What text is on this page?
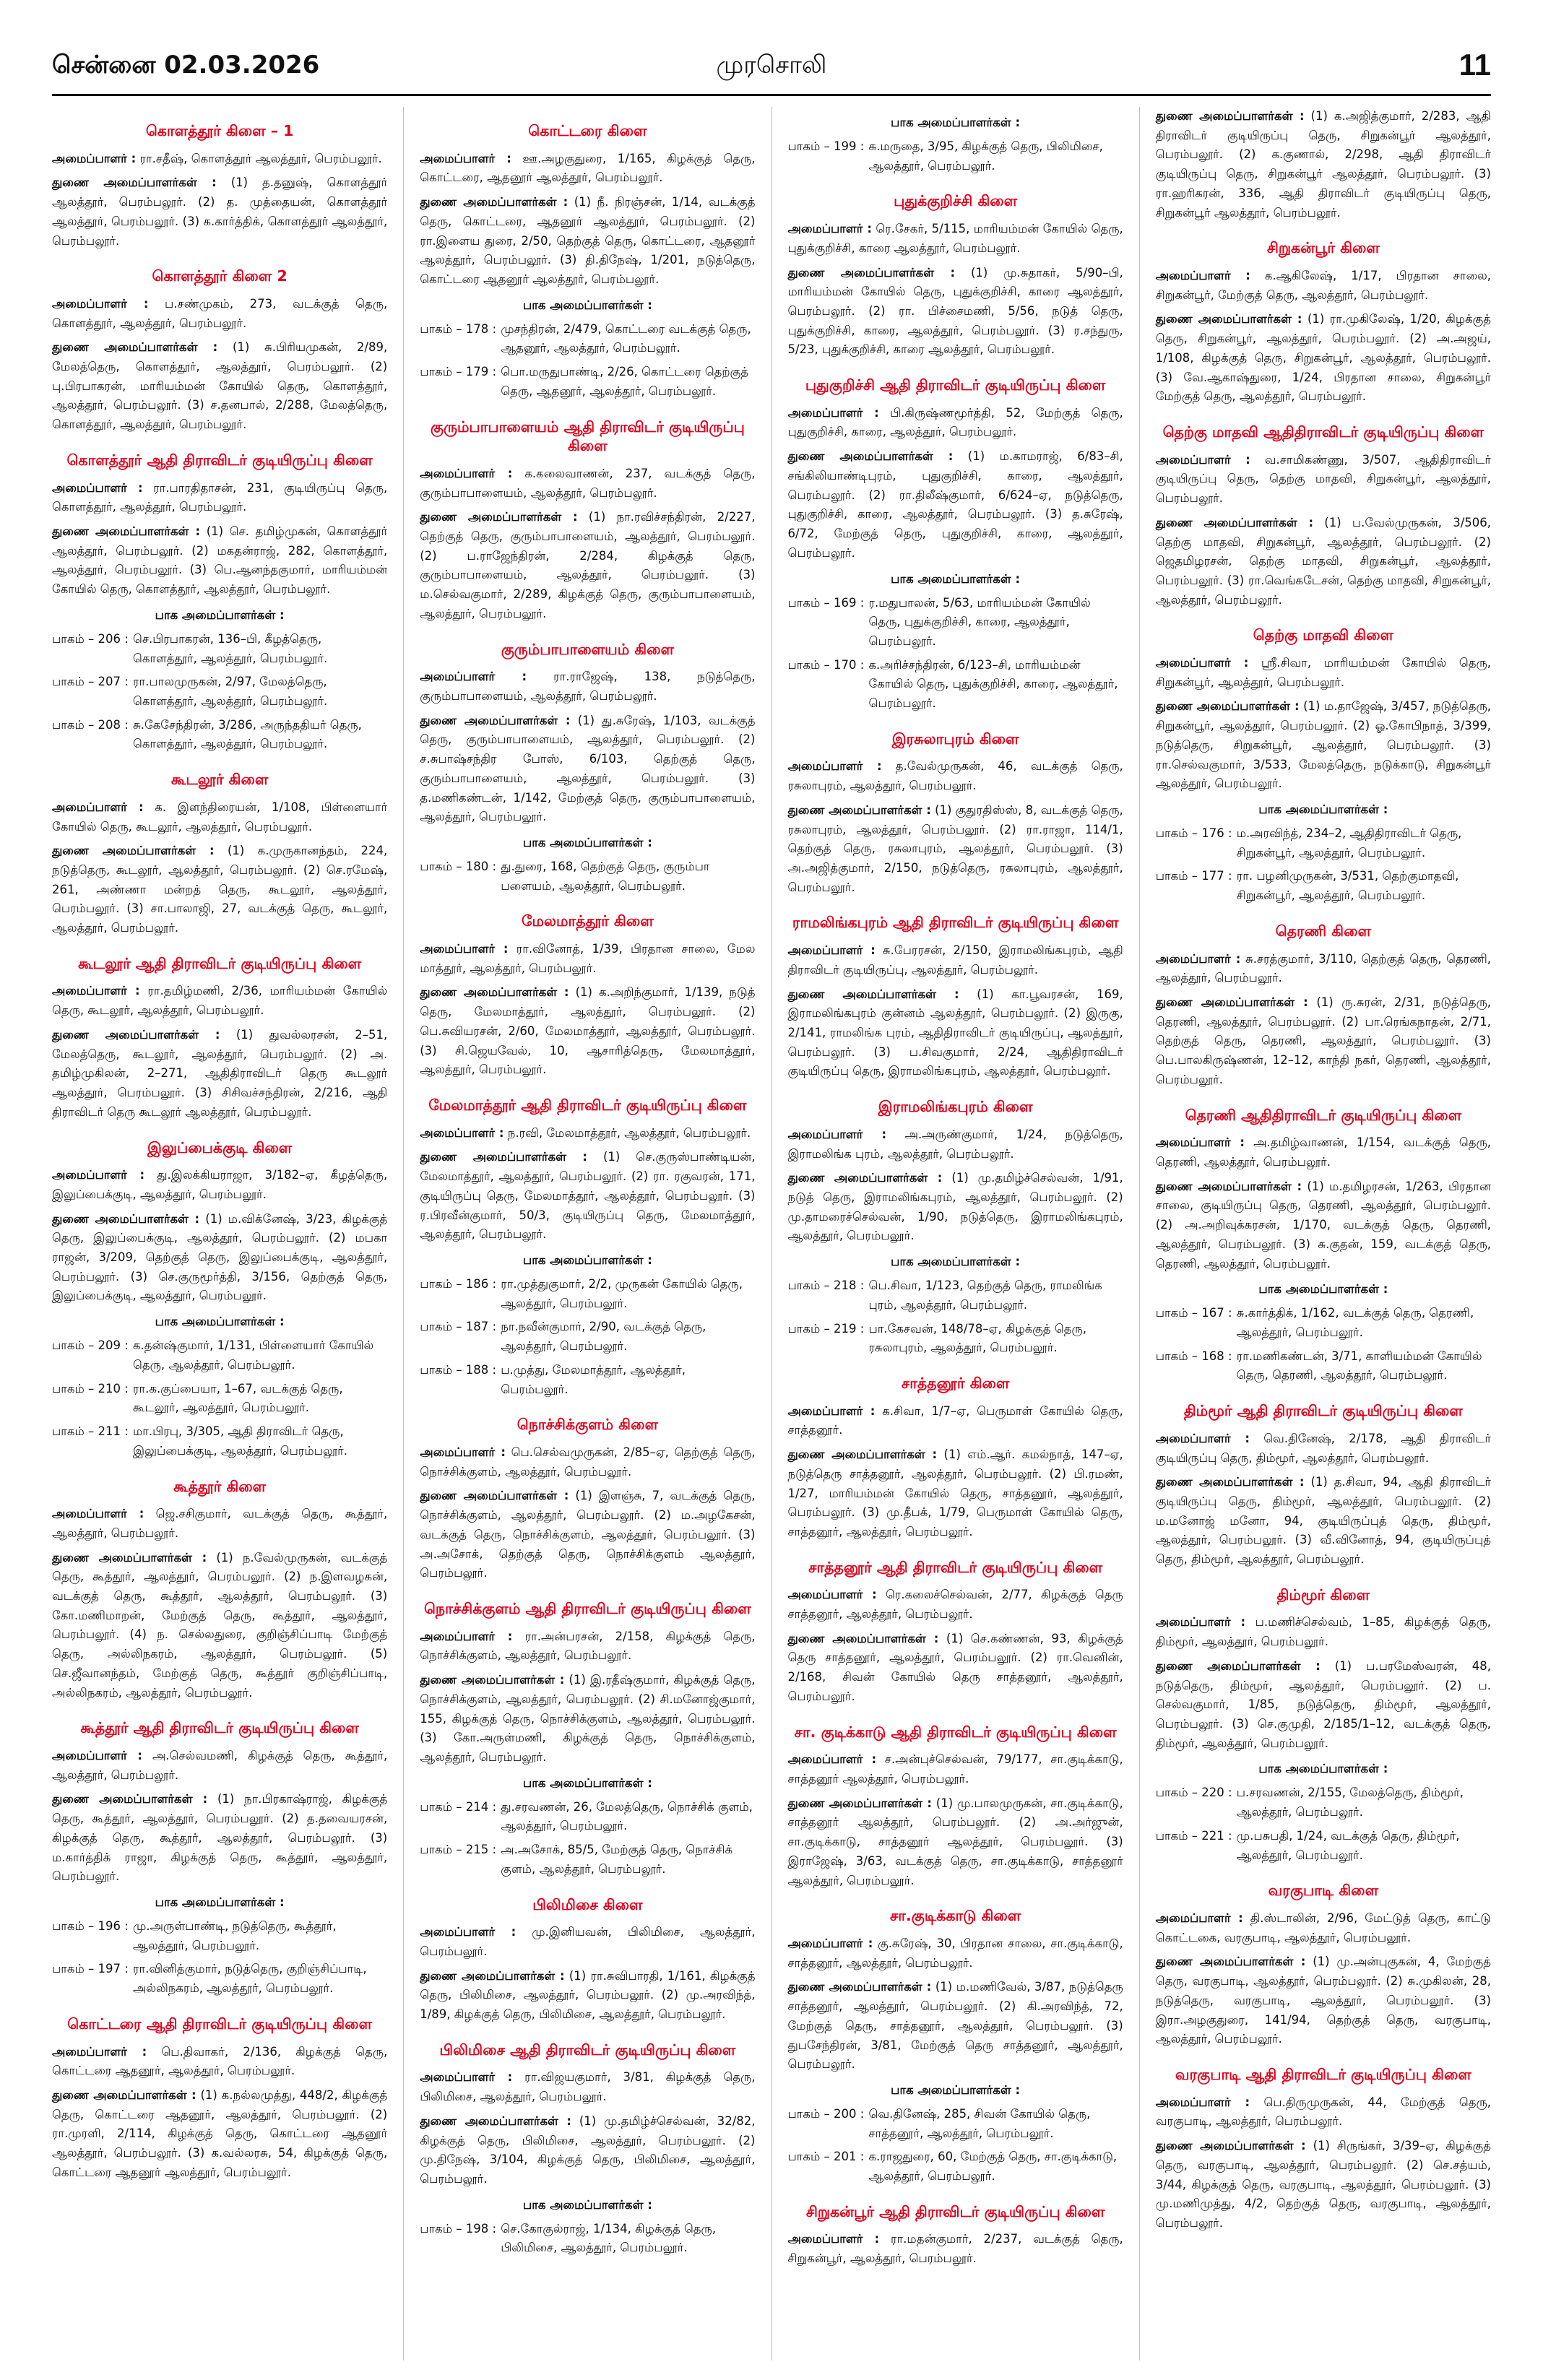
சென்னை 02.03.2026	முரசொலி	11
கொளத்தூர் கிளை – 1
அமைப்பாளர் : ரா.சதீஷ், கொளத்தூர் ஆலத்தூர், பெரம்பலூர்.
துணை அமைப்பாளர்கள் : (1) த.தனுஷ், கொளத்தூர் ஆலத்தூர், பெரம்பலூர். (2) த. முத்தையன், கொளத்தூர் ஆலத்தூர், பெரம்பலூர். (3) க.கார்த்திக், கொளத்தூர் ஆலத்தூர், பெரம்பலூர்.
கொளத்தூர் கிளை 2
அமைப்பாளர் : ப.சண்முகம், 273, வடக்குத் தெரு, கொளத்தூர், ஆலத்தூர், பெரம்பலூர்.
துணை அமைப்பாளர்கள் : (1) சு.பிரியமுகன், 2/89, மேலத்தெரு, கொளத்தூர், ஆலத்தூர், பெரம்பலூர். (2) பு.பிரபாகரன், மாரியம்மன் கோயில் தெரு, கொளத்தூர், ஆலத்தூர், பெரம்பலூர். (3) ச.தனபால், 2/288, மேலத்தெரு, கொளத்தூர், ஆலத்தூர், பெரம்பலூர்.
கொளத்தூர் ஆதி திராவிடர் குடியிருப்பு கிளை
அமைப்பாளர் : ரா.பாரதிதாசன், 231, குடியிருப்பு தெரு, கொளத்தூர், ஆலத்தூர், பெரம்பலூர்.
துணை அமைப்பாளர்கள் : (1) செ. தமிழ்முகன், கொளத்தூர் ஆலத்தூர், பெரம்பலூர். (2) மகதன்ராஜ், 282, கொளத்தூர், ஆலத்தூர், பெரம்பலூர். (3) பெ.ஆனந்தகுமார், மாரியம்மன் கோயில் தெரு, கொளத்தூர், ஆலத்தூர், பெரம்பலூர்.
பாக அமைப்பாளர்கள் :
பாகம் – 206 : செ.பிரபாகரன், 136–பி, கீழத்தெரு, கொளத்தூர், ஆலத்தூர், பெரம்பலூர்.
பாகம் – 207 : ரா.பாலமுருகன், 2/97, மேலத்தெரு, கொளத்தூர், ஆலத்தூர், பெரம்பலூர்.
பாகம் – 208 : சு.கேசேந்திரன், 3/286, அருந்ததியர் தெரு, கொளத்தூர், ஆலத்தூர், பெரம்பலூர்.
கூடலூர் கிளை
அமைப்பாளர் : க. இளந்திரையன், 1/108, பிள்ளையார் கோயில் தெரு, கூடலூர், ஆலத்தூர், பெரம்பலூர்.
துணை அமைப்பாளர்கள் : (1) க.முருகானந்தம், 224, நடுத்தெரு, கூடலூர், ஆலத்தூர், பெரம்பலூர். (2) செ.ரமேஷ், 261, அண்ணா மன்றத் தெரு, கூடலூர், ஆலத்தூர், பெரம்பலூர். (3) சா.பாலாஜி, 27, வடக்குத் தெரு, கூடலூர், ஆலத்தூர், பெரம்பலூர்.
கூடலூர் ஆதி திராவிடர் குடியிருப்பு கிளை
அமைப்பாளர் : ரா.தமிழ்மணி, 2/36, மாரியம்மன் கோயில் தெரு, கூடலூர், ஆலத்தூர், பெரம்பலூர்.
துணை அமைப்பாளர்கள் : (1) துவல்லரசன், 2–51, மேலத்தெரு, கூடலூர், ஆலத்தூர், பெரம்பலூர். (2) அ. தமிழ்முகிலன், 2–271, ஆதிதிராவிடர் தெரு கூடலூர் ஆலத்தூர், பெரம்பலூர். (3) சிசிவச்சந்திரன், 2/216, ஆதி திராவிடர் தெரு கூடலூர் ஆலத்தூர், பெரம்பலூர்.
இலுப்பைக்குடி கிளை
அமைப்பாளர் : து.இலக்கியராஜா, 3/182–ஏ, கீழத்தெரு, இலுப்பைக்குடி, ஆலத்தூர், பெரம்பலூர்.
துணை அமைப்பாளர்கள் : (1) ம.விக்னேஷ், 3/23, கிழக்குத் தெரு, இலுப்பைக்குடி, ஆலத்தூர், பெரம்பலூர். (2) மபகா ராஜன், 3/209, தெற்குத் தெரு, இலுப்பைக்குடி, ஆலத்தூர், பெரம்பலூர். (3) செ.குருமூர்த்தி, 3/156, தெற்குத் தெரு, இலுப்பைக்குடி, ஆலத்தூர், பெரம்பலூர்.
பாக அமைப்பாளர்கள் :
பாகம் – 209 : க.தன்ஷ்குமார், 1/131, பிள்ளையார் கோயில் தெரு, ஆலத்தூர், பெரம்பலூர்.
பாகம் – 210 : ரா.க.குப்பையா, 1–67, வடக்குத் தெரு, கூடலூர், ஆலத்தூர், பெரம்பலூர்.
பாகம் – 211 : மா.பிரபு, 3/305, ஆதி திராவிடர் தெரு, இலுப்பைக்குடி, ஆலத்தூர், பெரம்பலூர்.
கூத்தூர் கிளை
அமைப்பாளர் : ஜெ.சசிகுமார், வடக்குத் தெரு, கூத்தூர், ஆலத்தூர், பெரம்பலூர்.
துணை அமைப்பாளர்கள் : (1) ந.வேல்முருகன், வடக்குத் தெரு, கூத்தூர், ஆலத்தூர், பெரம்பலூர். (2) ந.இளவழகன், வடக்குத் தெரு, கூத்தூர், ஆலத்தூர், பெரம்பலூர். (3) கோ.மணிமாறன், மேற்குத் தெரு, கூத்தூர், ஆலத்தூர், பெரம்பலூர். (4) ந. செல்லதுரை, குறிஞ்சிப்பாடி மேற்குத் தெரு, அல்லிநகரம், ஆலத்தூர், பெரம்பலூர். (5) செ.ஜீவானந்தம், மேற்குத் தெரு, கூத்தூர் குறிஞ்சிப்பாடி, அல்லிநகரம், ஆலத்தூர், பெரம்பலூர்.
கூத்தூர் ஆதி திராவிடர் குடியிருப்பு கிளை
அமைப்பாளர் : அ.செல்வமணி, கிழக்குத் தெரு, கூத்தூர், ஆலத்தூர், பெரம்பலூர்.
துணை அமைப்பாளர்கள் : (1) நா.பிரகாஷ்ராஜ், கிழக்குத் தெரு, கூத்தூர், ஆலத்தூர், பெரம்பலூர். (2) த.தவையரசன், கிழக்குத் தெரு, கூத்தூர், ஆலத்தூர், பெரம்பலூர். (3) ம.கார்த்திக் ராஜா, கிழக்குத் தெரு, கூத்தூர், ஆலத்தூர், பெரம்பலூர்.
பாக அமைப்பாளர்கள் :
பாகம் – 196 : மு.அருள்பாண்டி, நடுத்தெரு, கூத்தூர், ஆலத்தூர், பெரம்பலூர்.
பாகம் – 197 : ரா.வினித்குமார், நடுத்தெரு, குறிஞ்சிப்பாடி, அல்லிநகரம், ஆலத்தூர், பெரம்பலூர்.
கொட்டரை ஆதி திராவிடர் குடியிருப்பு கிளை
அமைப்பாளர் : பெ.திவாகர், 2/136, கிழக்குத் தெரு, கொட்டரை ஆதனூர், ஆலத்தூர், பெரம்பலூர்.
துணை அமைப்பாளர்கள் : (1) க.நல்லமுத்து, 448/2, கிழக்குத் தெரு, கொட்டரை ஆதனூர், ஆலத்தூர், பெரம்பலூர். (2) ரா.முரளி, 2/114, கிழக்குத் தெரு, கொட்டரை ஆதனூர் ஆலத்தூர், பெரம்பலூர். (3) க.வல்லரசு, 54, கிழக்குத் தெரு, கொட்டரை ஆதனூர் ஆலத்தூர், பெரம்பலூர்.
கொட்டரை கிளை
அமைப்பாளர் : ஊ.அழகுதுரை, 1/165, கிழக்குத் தெரு, கொட்டரை, ஆதனூர் ஆலத்தூர், பெரம்பலூர்.
துணை அமைப்பாளர்கள் : (1) நீ. நிரஞ்சன், 1/14, வடக்குத் தெரு, கொட்டரை, ஆதனூர் ஆலத்தூர், பெரம்பலூர். (2) ரா.இளைய துரை, 2/50, தெற்குத் தெரு, கொட்டரை, ஆதனூர் ஆலத்தூர், பெரம்பலூர். (3) தி.திநேஷ், 1/201, நடுத்தெரு, கொட்டரை ஆதனூர் ஆலத்தூர், பெரம்பலூர்.
பாக அமைப்பாளர்கள் :
பாகம் – 178 : முசந்திரன், 2/479, கொட்டரை வடக்குத் தெரு, ஆதனூர், ஆலத்தூர், பெரம்பலூர்.
பாகம் – 179 : பொ.மருதுபாண்டி, 2/26, கொட்டரை தெற்குத் தெரு, ஆதனூர், ஆலத்தூர், பெரம்பலூர்.
குரும்பாபாளையம் ஆதி திராவிடர் குடியிருப்பு கிளை
அமைப்பாளர் : க.கலைவாணன், 237, வடக்குத் தெரு, குரும்பாபாளையம், ஆலத்தூர், பெரம்பலூர்.
துணை அமைப்பாளர்கள் : (1) நா.ரவிச்சந்திரன், 2/227, தெற்குத் தெரு, குரும்பாபாளையம், ஆலத்தூர், பெரம்பலூர். (2) ப.ராஜேந்திரன், 2/284, கிழக்குத் தெரு, குரும்பாபாளையம், ஆலத்தூர், பெரம்பலூர். (3) ம.செல்வகுமார், 2/289, கிழக்குத் தெரு, குரும்பாபாளையம், ஆலத்தூர், பெரம்பலூர்.
குரும்பாபாளையம் கிளை
அமைப்பாளர் : ரா.ராஜேஷ், 138, நடுத்தெரு, குரும்பாபாளையம், ஆலத்தூர், பெரம்பலூர்.
துணை அமைப்பாளர்கள் : (1) து.சுரேஷ், 1/103, வடக்குத் தெரு, குரும்பாபாளையம், ஆலத்தூர், பெரம்பலூர். (2) ச.சுபாஷ்சந்திர போஸ், 6/103, தெற்குத் தெரு, குரும்பாபாளையம், ஆலத்தூர், பெரம்பலூர். (3) த.மணிகண்டன், 1/142, மேற்குத் தெரு, குரும்பாபாளையம், ஆலத்தூர், பெரம்பலூர்.
பாக அமைப்பாளர்கள் :
பாகம் – 180 : து.துரை, 168, தெற்குத் தெரு, குரும்பா பளையம், ஆலத்தூர், பெரம்பலூர்.
மேலமாத்தூர் கிளை
அமைப்பாளர் : ரா.வினோத், 1/39, பிரதான சாலை, மேல மாத்தூர், ஆலத்தூர், பெரம்பலூர்.
துணை அமைப்பாளர்கள் : (1) க.அறிந்குமார், 1/139, நடுத் தெரு, மேலமாத்தூர், ஆலத்தூர், பெரம்பலூர். (2) பெ.சுவியரசன், 2/60, மேலமாத்தூர், ஆலத்தூர், பெரம்பலூர். (3) சி.ஜெயவேல், 10, ஆசாரித்தெரு, மேலமாத்தூர், ஆலத்தூர், பெரம்பலூர்.
மேலமாத்தூர் ஆதி திராவிடர் குடியிருப்பு கிளை
அமைப்பாளர் : ந.ரவி, மேலமாத்தூர், ஆலத்தூர், பெரம்பலூர்.
துணை அமைப்பாளர்கள் : (1) செ.குருஸ்பாண்டியன், மேலமாத்தூர், ஆலத்தூர், பெரம்பலூர். (2) ரா. ரகுவரன், 171, குடியிருப்பு தெரு, மேலமாத்தூர், ஆலத்தூர், பெரம்பலூர். (3) ர.பிரவீன்குமார், 50/3, குடியிருப்பு தெரு, மேலமாத்தூர், ஆலத்தூர், பெரம்பலூர்.
பாக அமைப்பாளர்கள் :
பாகம் – 186 : ரா.முத்துகுமார், 2/2, முருகன் கோயில் தெரு, ஆலத்தூர், பெரம்பலூர்.
பாகம் – 187 : நா.நவீன்குமார், 2/90, வடக்குத் தெரு, ஆலத்தூர், பெரம்பலூர்.
பாகம் – 188 : ப.முத்து, மேலமாத்தூர், ஆலத்தூர், பெரம்பலூர்.
நொச்சிக்குளம் கிளை
அமைப்பாளர் : பெ.செல்வமுருகன், 2/85–ஏ, தெற்குத் தெரு, நொச்சிக்குளம், ஆலத்தூர், பெரம்பலூர்.
துணை அமைப்பாளர்கள் : (1) இளஞ்சு, 7, வடக்குத் தெரு, நொச்சிக்குளம், ஆலத்தூர், பெரம்பலூர். (2) ம.அழகேசன், வடக்குத் தெரு, நொச்சிக்குளம், ஆலத்தூர், பெரம்பலூர். (3) அ.அசோக், தெற்குத் தெரு, நொச்சிக்குளம் ஆலத்தூர், பெரம்பலூர்.
நொச்சிக்குளம் ஆதி திராவிடர் குடியிருப்பு கிளை
அமைப்பாளர் : ரா.அன்பரசன், 2/158, கிழக்குத் தெரு, நொச்சிக்குளம், ஆலத்தூர், பெரம்பலூர்.
துணை அமைப்பாளர்கள் : (1) இ.ரதீஷ்குமார், கிழக்குத் தெரு, நொச்சிக்குளம், ஆலத்தூர், பெரம்பலூர். (2) சி.மனோஜ்குமார், 155, கிழக்குத் தெரு, நொச்சிக்குளம், ஆலத்தூர், பெரம்பலூர். (3) கோ.அருள்மணி, கிழக்குத் தெரு, நொச்சிக்குளம், ஆலத்தூர், பெரம்பலூர்.
பாக அமைப்பாளர்கள் :
பாகம் – 214 : து.சரவணன், 26, மேலத்தெரு, நொச்சிக் குளம், ஆலத்தூர், பெரம்பலூர்.
பாகம் – 215 : அ.அசோக், 85/5, மேற்குத் தெரு, நொச்சிக் குளம், ஆலத்தூர், பெரம்பலூர்.
பிலிமிசை கிளை
அமைப்பாளர் : மு.இனியவன், பிலிமிசை, ஆலத்தூர், பெரம்பலூர்.
துணை அமைப்பாளர்கள் : (1) ரா.சுவிபாரதி, 1/161, கிழக்குத் தெரு, பிலிமிசை, ஆலத்தூர், பெரம்பலூர். (2) மு.அரவிந்த், 1/89, கிழக்குத் தெரு, பிலிமிசை, ஆலத்தூர், பெரம்பலூர்.
பிலிமிசை ஆதி திராவிடர் குடியிருப்பு கிளை
அமைப்பாளர் : ரா.விஜயகுமார், 3/81, கிழக்குத் தெரு, பிலிமிசை, ஆலத்தூர், பெரம்பலூர்.
துணை அமைப்பாளர்கள் : (1) மு.தமிழ்ச்செல்வன், 32/82, கிழக்குத் தெரு, பிலிமிசை, ஆலத்தூர், பெரம்பலூர். (2) மு.திநேஷ், 3/104, கிழக்குத் தெரு, பிலிமிசை, ஆலத்தூர், பெரம்பலூர்.
பாக அமைப்பாளர்கள் :
பாகம் – 198 : செ.கோகுல்ராஜ், 1/134, கிழக்குத் தெரு, பிலிமிசை, ஆலத்தூர், பெரம்பலூர்.
பாக அமைப்பாளர்கள் :
பாகம் – 199 : சு.மருதை, 3/95, கிழக்குத் தெரு, பிலிமிசை, ஆலத்தூர், பெரம்பலூர்.
புதுக்குறிச்சி கிளை
அமைப்பாளர் : ரெ.சேகர், 5/115, மாரியம்மன் கோயில் தெரு, புதுக்குறிச்சி, காரை ஆலத்தூர், பெரம்பலூர்.
துணை அமைப்பாளர்கள் : (1) மு.சுதாகர், 5/90–பி, மாரியம்மன் கோயில் தெரு, புதுக்குறிச்சி, காரை ஆலத்தூர், பெரம்பலூர். (2) ரா. பிச்சைமணி, 5/56, நடுத் தெரு, புதுக்குறிச்சி, காரை, ஆலத்தூர், பெரம்பலூர். (3) ர.சந்துரு, 5/23, புதுக்குறிச்சி, காரை ஆலத்தூர், பெரம்பலூர்.
புதுகுறிச்சி ஆதி திராவிடர் குடியிருப்பு கிளை
அமைப்பாளர் : பி.கிருஷ்ணமூர்த்தி, 52, மேற்குத் தெரு, புதுகுறிச்சி, காரை, ஆலத்தூர், பெரம்பலூர்.
துணை அமைப்பாளர்கள் : (1) ம.காமராஜ், 6/83–சி, சங்கிலியாண்டிபுரம், புதுகுறிச்சி, காரை, ஆலத்தூர், பெரம்பலூர். (2) ரா.திலீஷ்குமார், 6/624–ஏ, நடுத்தெரு, புதுகுறிச்சி, காரை, ஆலத்தூர், பெரம்பலூர். (3) த.சுரேஷ், 6/72, மேற்குத் தெரு, புதுகுறிச்சி, காரை, ஆலத்தூர், பெரம்பலூர்.
பாக அமைப்பாளர்கள் :
பாகம் – 169 : ர.மதுபாலன், 5/63, மாரியம்மன் கோயில் தெரு, புதுக்குறிச்சி, காரை, ஆலத்தூர், பெரம்பலூர்.
பாகம் – 170 : க.அரிச்சந்திரன், 6/123–சி, மாரியம்மன் கோயில் தெரு, புதுக்குறிச்சி, காரை, ஆலத்தூர், பெரம்பலூர்.
இரசுலாபுரம் கிளை
அமைப்பாளர் : த.வேல்முருகன், 46, வடக்குத் தெரு, ரசுலாபுரம், ஆலத்தூர், பெரம்பலூர்.
துணை அமைப்பாளர்கள் : (1) குதுரதிஸ்ஸ், 8, வடக்குத் தெரு, ரசுலாபுரம், ஆலத்தூர், பெரம்பலூர். (2) ரா.ராஜா, 114/1, தெற்குத் தெரு, ரசுலாபுரம், ஆலத்தூர், பெரம்பலூர். (3) அ.அஜித்குமார், 2/150, நடுத்தெரு, ரசுலாபுரம், ஆலத்தூர், பெரம்பலூர்.
ராமலிங்கபுரம் ஆதி திராவிடர் குடியிருப்பு கிளை
அமைப்பாளர் : சு.பேரரசன், 2/150, இராமலிங்கபுரம், ஆதி திராவிடர் குடியிருப்பு, ஆலத்தூர், பெரம்பலூர்.
துணை அமைப்பாளர்கள் : (1) கா.பூவரசன், 169, இராமலிங்கபுரம் குன்னம் ஆலத்தூர், பெரம்பலூர். (2) இருகு, 2/141, ராமலிங்க புரம், ஆதிதிராவிடர் குடியிருப்பு, ஆலத்தூர், பெரம்பலூர். (3) ப.சிவகுமார், 2/24, ஆதிதிராவிடர் குடியிருப்பு தெரு, இராமலிங்கபுரம், ஆலத்தூர், பெரம்பலூர்.
இராமலிங்கபுரம் கிளை
அமைப்பாளர் : அ.அருண்குமார், 1/24, நடுத்தெரு, இராமலிங்க புரம், ஆலத்தூர், பெரம்பலூர்.
துணை அமைப்பாளர்கள் : (1) மு.தமிழ்ச்செல்வன், 1/91, நடுத் தெரு, இராமலிங்கபுரம், ஆலத்தூர், பெரம்பலூர். (2) மு.தாமரைச்செல்வன், 1/90, நடுத்தெரு, இராமலிங்கபுரம், ஆலத்தூர், பெரம்பலூர்.
பாக அமைப்பாளர்கள் :
பாகம் – 218 : பெ.சிவா, 1/123, தெற்குத் தெரு, ராமலிங்க புரம், ஆலத்தூர், பெரம்பலூர்.
பாகம் – 219 : பா.கேசவன், 148/78–ஏ, கிழக்குத் தெரு, ரசுலாபுரம், ஆலத்தூர், பெரம்பலூர்.
சாத்தனூர் கிளை
அமைப்பாளர் : க.சிவா, 1/7–ஏ, பெருமாள் கோயில் தெரு, சாத்தனூர்.
துணை அமைப்பாளர்கள் : (1) எம்.ஆர். கமல்நாத், 147–ஏ, நடுத்தெரு சாத்தனூர், ஆலத்தூர், பெரம்பலூர். (2) பி.ரமண், 1/27, மாரியம்மன் கோயில் தெரு, சாத்தனூர், ஆலத்தூர், பெரம்பலூர். (3) மு.தீபக், 1/79, பெருமாள் கோயில் தெரு, சாத்தனூர், ஆலத்தூர், பெரம்பலூர்.
சாத்தனூர் ஆதி திராவிடர் குடியிருப்பு கிளை
அமைப்பாளர் : ரெ.கலைச்செல்வன், 2/77, கிழக்குத் தெரு சாத்தனூர், ஆலத்தூர், பெரம்பலூர்.
துணை அமைப்பாளர்கள் : (1) செ.கண்ணன், 93, கிழக்குத் தெரு சாத்தனூர், ஆலத்தூர், பெரம்பலூர். (2) ரா.வெனின், 2/168, சிவன் கோயில் தெரு சாத்தனூர், ஆலத்தூர், பெரம்பலூர்.
சா. குடிக்காடு ஆதி திராவிடர் குடியிருப்பு கிளை
அமைப்பாளர் : ச.அன்புச்செல்வன், 79/177, சா.குடிக்காடு, சாத்தனூர் ஆலத்தூர், பெரம்பலூர்.
துணை அமைப்பாளர்கள் : (1) மு.பாலமுருகன், சா.குடிக்காடு, சாத்தனூர் ஆலத்தூர், பெரம்பலூர். (2) அ.அர்ஜுன், சா.குடிக்காடு, சாத்தனூர் ஆலத்தூர், பெரம்பலூர். (3) இராஜேஷ், 3/63, வடக்குத் தெரு, சா.குடிக்காடு, சாத்தனூர் ஆலத்தூர், பெரம்பலூர்.
சா.குடிக்காடு கிளை
அமைப்பாளர் : கு.சுரேஷ், 30, பிரதான சாலை, சா.குடிக்காடு, சாத்தனூர், ஆலத்தூர், பெரம்பலூர்.
துணை அமைப்பாளர்கள் : (1) ம.மணிவேல், 3/87, நடுத்தெரு சாத்தனூர், ஆலத்தூர், பெரம்பலூர். (2) கி.அரவிந்த், 72, மேற்குத் தெரு, சாத்தனூர், ஆலத்தூர், பெரம்பலூர். (3) துபசேந்திரன், 3/81, மேற்குத் தெரு சாத்தனூர், ஆலத்தூர், பெரம்பலூர்.
பாக அமைப்பாளர்கள் :
பாகம் – 200 : வெ.தினேஷ், 285, சிவன் கோயில் தெரு, சாத்தனூர், ஆலத்தூர், பெரம்பலூர்.
பாகம் – 201 : க.ராஜதுரை, 60, மேற்குத் தெரு, சா.குடிக்காடு, ஆலத்தூர், பெரம்பலூர்.
சிறுகன்பூர் ஆதி திராவிடர் குடியிருப்பு கிளை
அமைப்பாளர் : ரா.மதன்குமார், 2/237, வடக்குத் தெரு, சிறுகன்பூர், ஆலத்தூர், பெரம்பலூர்.
துணை அமைப்பாளர்கள் : (1) க.அஜித்குமார், 2/283, ஆதி திராவிடர் குடியிருப்பு தெரு, சிறுகன்பூர் ஆலத்தூர், பெரம்பலூர். (2) க.குணால், 2/298, ஆதி திராவிடர் குடியிருப்பு தெரு, சிறுகன்பூர் ஆலத்தூர், பெரம்பலூர். (3) ரா.ஹரிகரன், 336, ஆதி திராவிடர் குடியிருப்பு தெரு, சிறுகன்பூர் ஆலத்தூர், பெரம்பலூர்.
சிறுகன்பூர் கிளை
அமைப்பாளர் : க.ஆகிலேஷ், 1/17, பிரதான சாலை, சிறுகன்பூர், மேற்குத் தெரு, ஆலத்தூர், பெரம்பலூர்.
துணை அமைப்பாளர்கள் : (1) ரா.முகிலேஷ், 1/20, கிழக்குத் தெரு, சிறுகன்பூர், ஆலத்தூர், பெரம்பலூர். (2) அ.அஜய், 1/108, கிழக்குத் தெரு, சிறுகன்பூர், ஆலத்தூர், பெரம்பலூர். (3) வே.ஆகாஷ்துரை, 1/24, பிரதான சாலை, சிறுகன்பூர் மேற்குத் தெரு, ஆலத்தூர், பெரம்பலூர்.
தெற்கு மாதவி ஆதிதிராவிடர் குடியிருப்பு கிளை
அமைப்பாளர் : வ.சாமிகண்ணு, 3/507, ஆதிதிராவிடர் குடியிருப்பு தெரு, தெற்கு மாதவி, சிறுகன்பூர், ஆலத்தூர், பெரம்பலூர்.
துணை அமைப்பாளர்கள் : (1) ப.வேல்முருகன், 3/506, தெற்கு மாதவி, சிறுகன்பூர், ஆலத்தூர், பெரம்பலூர். (2) ஜெதமிழரசன், தெற்கு மாதவி, சிறுகன்பூர், ஆலத்தூர், பெரம்பலூர். (3) ரா.வெங்கடேசன், தெற்கு மாதவி, சிறுகன்பூர், ஆலத்தூர், பெரம்பலூர்.
தெற்கு மாதவி கிளை
அமைப்பாளர் : ஸ்ரீ.சிவா, மாரியம்மன் கோயில் தெரு, சிறுகன்பூர், ஆலத்தூர், பெரம்பலூர்.
துணை அமைப்பாளர்கள் : (1) ம.தாஜேஷ், 3/457, நடுத்தெரு, சிறுகன்பூர், ஆலத்தூர், பெரம்பலூர். (2) ஓ.கோபிநாத், 3/399, நடுத்தெரு, சிறுகன்பூர், ஆலத்தூர், பெரம்பலூர். (3) ரா.செல்வகுமார், 3/533, மேலத்தெரு, நடுக்காடு, சிறுகன்பூர் ஆலத்தூர், பெரம்பலூர்.
பாக அமைப்பாளர்கள் :
பாகம் – 176 : ம.அரவிந்த், 234–2, ஆதிதிராவிடர் தெரு, சிறுகன்பூர், ஆலத்தூர், பெரம்பலூர்.
பாகம் – 177 : ரா. பழனிமுருகன், 3/531, தெற்குமாதவி, சிறுகன்பூர், ஆலத்தூர், பெரம்பலூர்.
தெரணி கிளை
அமைப்பாளர் : சு.சரத்குமார், 3/110, தெற்குத் தெரு, தெரணி, ஆலத்தூர், பெரம்பலூர்.
துணை அமைப்பாளர்கள் : (1) ரு.சுரன், 2/31, நடுத்தெரு, தெரணி, ஆலத்தூர், பெரம்பலூர். (2) பா.ரெங்கநாதன், 2/71, தெற்குத் தெரு, தெரணி, ஆலத்தூர், பெரம்பலூர். (3) பெ.பாலகிருஷ்ணன், 12–12, காந்தி நகர், தெரணி, ஆலத்தூர், பெரம்பலூர்.
தெரணி ஆதிதிராவிடர் குடியிருப்பு கிளை
அமைப்பாளர் : அ.தமிழ்வாணன், 1/154, வடக்குத் தெரு, தெரணி, ஆலத்தூர், பெரம்பலூர்.
துணை அமைப்பாளர்கள் : (1) ம.தமிழரசன், 1/263, பிரதான சாலை, குடியிருப்பு தெரு, தெரணி, ஆலத்தூர், பெரம்பலூர். (2) அ.அறிவுக்கரசன், 1/170, வடக்குத் தெரு, தெரணி, ஆலத்தூர், பெரம்பலூர். (3) சு.குதன், 159, வடக்குத் தெரு, தெரணி, ஆலத்தூர், பெரம்பலூர்.
பாக அமைப்பாளர்கள் :
பாகம் – 167 : சு.கார்த்திக், 1/162, வடக்குத் தெரு, தெரணி, ஆலத்தூர், பெரம்பலூர்.
பாகம் – 168 : ரா.மணிகண்டன், 3/71, காளியம்மன் கோயில் தெரு, தெரணி, ஆலத்தூர், பெரம்பலூர்.
திம்மூர் ஆதி திராவிடர் குடியிருப்பு கிளை
அமைப்பாளர் : வெ.தினேஷ், 2/178, ஆதி திராவிடர் குடியிருப்பு தெரு, திம்மூர், ஆலத்தூர், பெரம்பலூர்.
துணை அமைப்பாளர்கள் : (1) த.சிவா, 94, ஆதி திராவிடர் குடியிருப்பு தெரு, திம்மூர், ஆலத்தூர், பெரம்பலூர். (2) ம.மனோஜ் மனோ, 94, குடியிருப்புத் தெரு, திம்மூர், ஆலத்தூர், பெரம்பலூர். (3) வீ.வினோத், 94, குடியிருப்புத் தெரு, திம்மூர், ஆலத்தூர், பெரம்பலூர்.
திம்மூர் கிளை
அமைப்பாளர் : ப.மணிச்செல்வம், 1–85, கிழக்குத் தெரு, திம்மூர், ஆலத்தூர், பெரம்பலூர்.
துணை அமைப்பாளர்கள் : (1) ப.பரமேஸ்வரன், 48, நடுத்தெரு, திம்மூர், ஆலத்தூர், பெரம்பலூர். (2) ப. செல்வகுமார், 1/85, நடுத்தெரு, திம்மூர், ஆலத்தூர், பெரம்பலூர். (3) செ.குமுதி, 2/185/1–12, வடக்குத் தெரு, திம்மூர், ஆலத்தூர், பெரம்பலூர்.
பாக அமைப்பாளர்கள் :
பாகம் – 220 : ப.சரவணன், 2/155, மேலத்தெரு, திம்மூர், ஆலத்தூர், பெரம்பலூர்.
பாகம் – 221 : மு.பசுபதி, 1/24, வடக்குத் தெரு, திம்மூர், ஆலத்தூர், பெரம்பலூர்.
வரகுபாடி கிளை
அமைப்பாளர் : தி.ஸ்டாலின், 2/96, மேட்டுத் தெரு, காட்டு கொட்டகை, வரகுபாடி, ஆலத்தூர், பெரம்பலூர்.
துணை அமைப்பாளர்கள் : (1) மு.அன்புகுகன், 4, மேற்குத் தெரு, வரகுபாடி, ஆலத்தூர், பெரம்பலூர். (2) சு.முகிலன், 28, நடுத்தெரு, வரகுபாடி, ஆலத்தூர், பெரம்பலூர். (3) இரா.அழகுதுரை, 141/94, தெற்குத் தெரு, வரகுபாடி, ஆலத்தூர், பெரம்பலூர்.
வரகுபாடி ஆதி திராவிடர் குடியிருப்பு கிளை
அமைப்பாளர் : பெ.திருமுருகன், 44, மேற்குத் தெரு, வரகுபாடி, ஆலத்தூர், பெரம்பலூர்.
துணை அமைப்பாளர்கள் : (1) சிருங்கர், 3/39–ஏ, கிழக்குத் தெரு, வரகுபாடி, ஆலத்தூர், பெரம்பலூர். (2) செ.சத்யம், 3/44, கிழக்குத் தெரு, வரகுபாடி, ஆலத்தூர், பெரம்பலூர். (3) மு.மணிமுத்து, 4/2, தெற்குத் தெரு, வரகுபாடி, ஆலத்தூர், பெரம்பலூர்.
